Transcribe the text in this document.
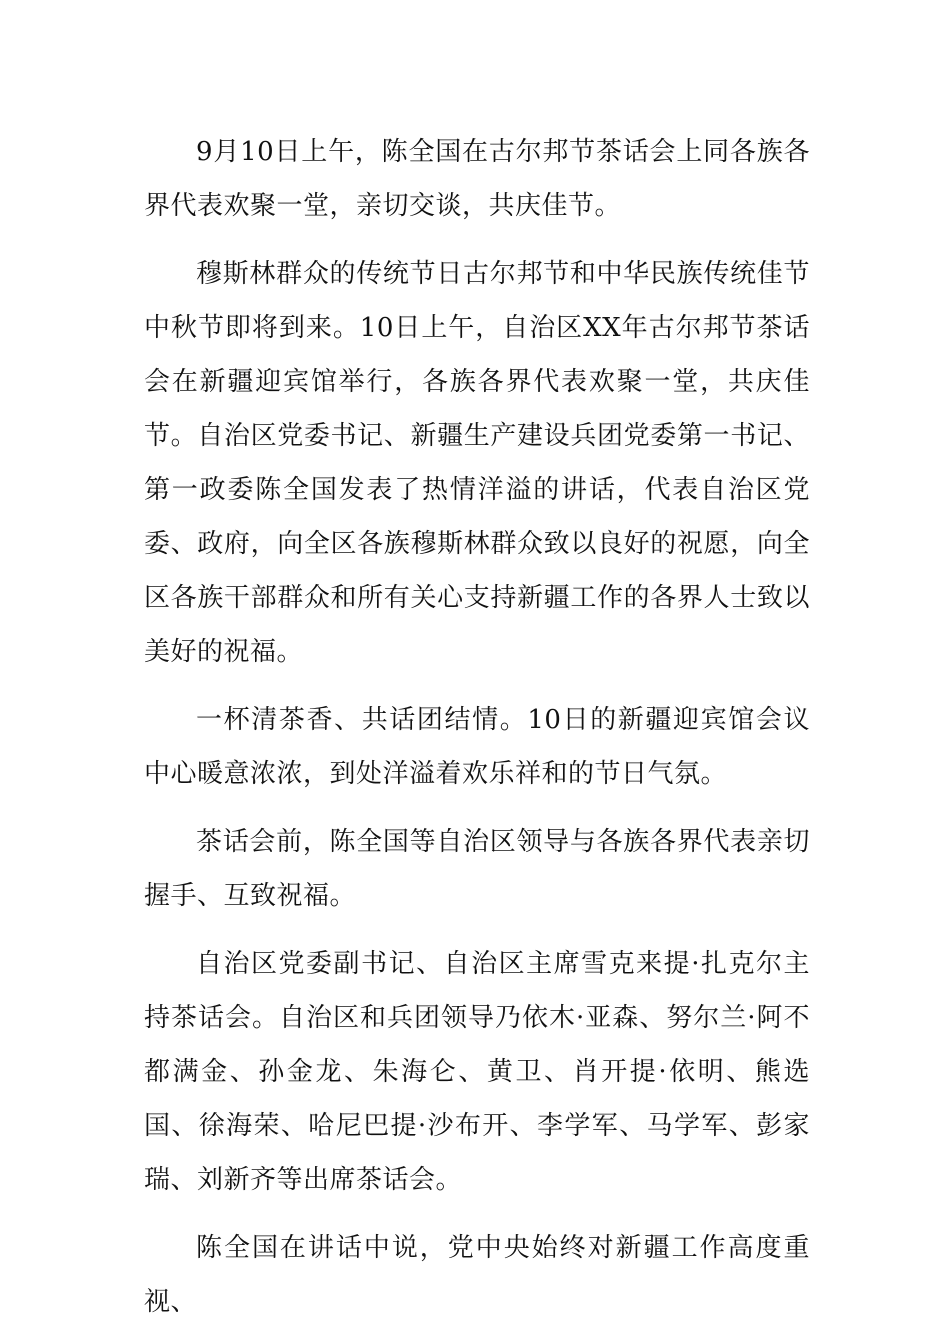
9月10日上午，陈全国在古尔邦节茶话会上同各族各界代表欢聚一堂，亲切交谈，共庆佳节。

穆斯林群众的传统节日古尔邦节和中华民族传统佳节中秋节即将到来。10日上午，自治区XX年古尔邦节茶话会在新疆迎宾馆举行，各族各界代表欢聚一堂，共庆佳节。自治区党委书记、新疆生产建设兵团党委第一书记、第一政委陈全国发表了热情洋溢的讲话，代表自治区党委、政府，向全区各族穆斯林群众致以良好的祝愿，向全区各族干部群众和所有关心支持新疆工作的各界人士致以美好的祝福。

一杯清茶香、共话团结情。10日的新疆迎宾馆会议中心暖意浓浓，到处洋溢着欢乐祥和的节日气氛。

茶话会前，陈全国等自治区领导与各族各界代表亲切握手、互致祝福。

自治区党委副书记、自治区主席雪克来提·扎克尔主持茶话会。自治区和兵团领导乃依木·亚森、努尔兰·阿不都满金、孙金龙、朱海仑、黄卫、肖开提·依明、熊选国、徐海荣、哈尼巴提·沙布开、李学军、马学军、彭家瑞、刘新齐等出席茶话会。

陈全国在讲话中说，党中央始终对新疆工作高度重视、
